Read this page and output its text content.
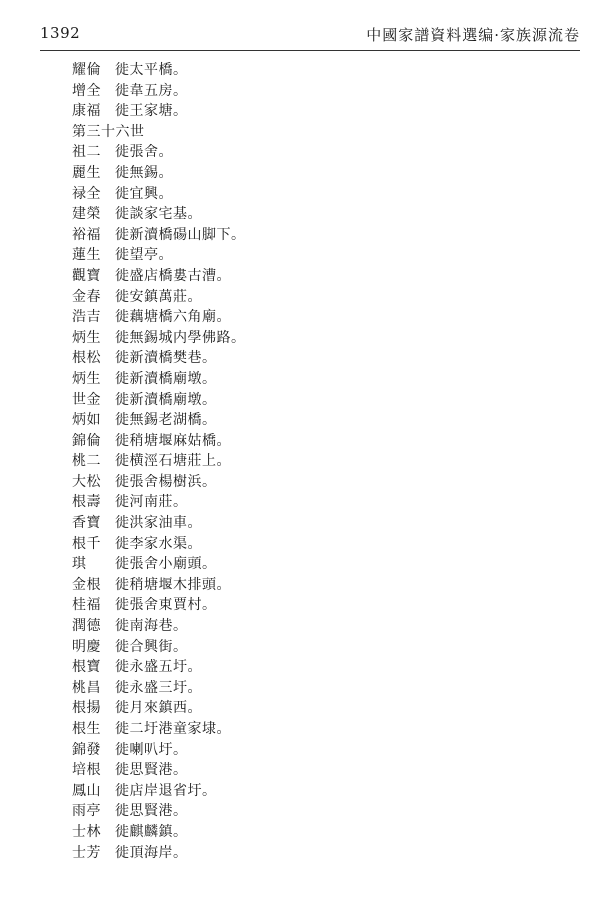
1392	中國家譜資料選编·家族源流卷
耀倫 徙太平橋。
增全 徙韋五房。
康福 徙王家塘。
第三十六世
祖二 徙張舍。
麗生 徙無錫。
禄全 徙宜興。
建榮 徙談家宅基。
裕福 徙新瀆橋碭山脚下。
蓮生 徙望亭。
觀寶 徙盛店橋婁古漕。
金春 徙安鎮萬莊。
浩吉 徙藕塘橋六角廟。
炳生 徙無錫城内學佛路。
根松 徙新瀆橋樊巷。
炳生 徙新瀆橋廟墩。
世金 徙新瀆橋廟墩。
炳如 徙無錫老湖橋。
錦倫 徙稍塘堰麻姑橋。
桃二 徙横涇石塘莊上。
大松 徙張舍楊樹浜。
根壽 徙河南莊。
香寶 徙洪家油車。
根千 徙李家水渠。
琪 徙張舍小廟頭。
金根 徙稍塘堰木排頭。
桂福 徙張舍東賈村。
潤德 徙南海巷。
明慶 徙合興街。
根寶 徙永盛五圩。
桃昌 徙永盛三圩。
根揚 徙月來鎮西。
根生 徙二圩港童家埭。
錦發 徙喇叭圩。
培根 徙思賢港。
鳳山 徙店岸退省圩。
雨亭 徙思賢港。
士林 徙麒麟鎮。
士芳 徙頂海岸。
